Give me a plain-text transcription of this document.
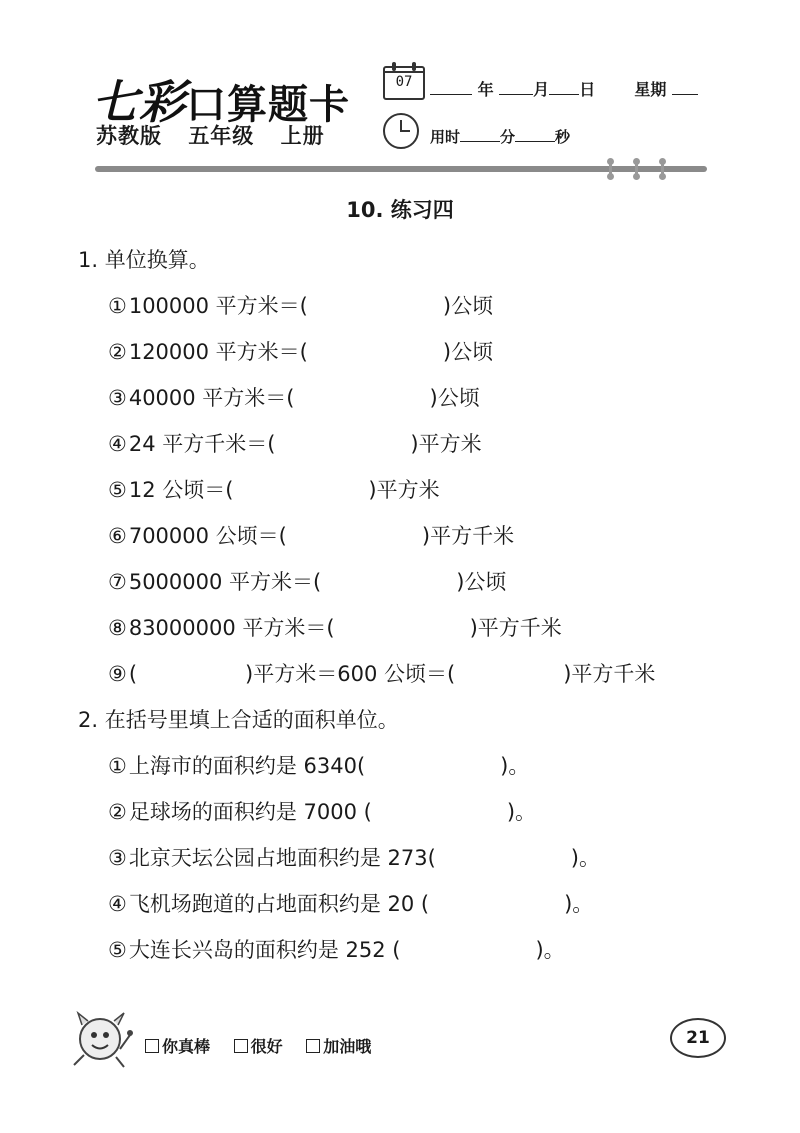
七彩口算题卡
苏教版 五年级 上册
07	年 月 日 星期
用时	分	秒
10. 练习四
1. 单位换算。
①100000 平方米＝(	)公顷
②120000 平方米＝(	)公顷
③40000 平方米＝(	)公顷
④24 平方千米＝(	)平方米
⑤12 公顷＝(	)平方米
⑥700000 公顷＝(	)平方千米
⑦5000000 平方米＝(	)公顷
⑧83000000 平方米＝(	)平方千米
⑨(	)平方米＝600 公顷＝(	)平方千米
2. 在括号里填上合适的面积单位。
①上海市的面积约是 6340(	)。
②足球场的面积约是 7000 (	)。
③北京天坛公园占地面积约是 273(	)。
④飞机场跑道的占地面积约是 20 (	)。
⑤大连长兴岛的面积约是 252 (	)。
你真棒	很好	加油哦	21
